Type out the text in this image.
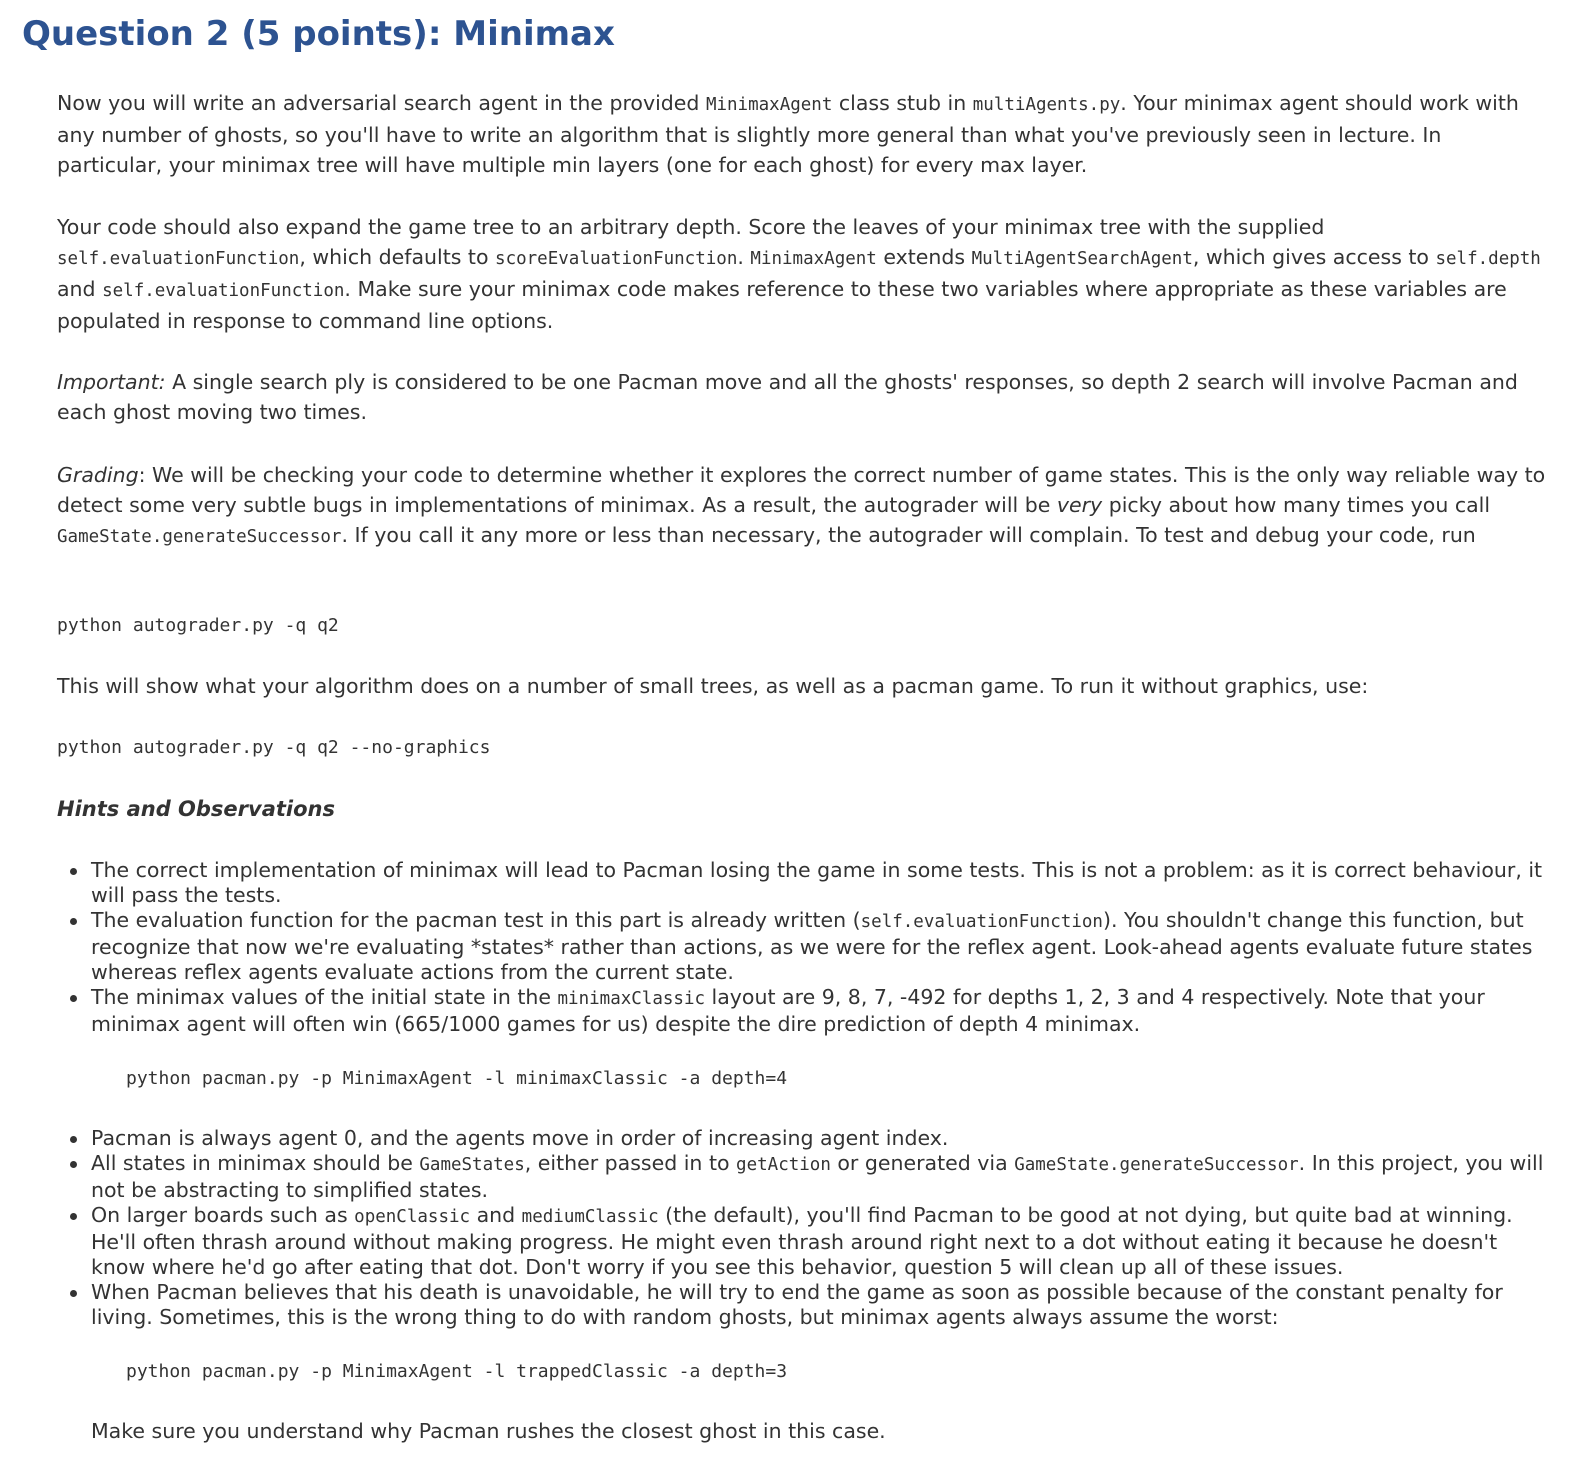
Question 2 (5 points): Minimax

Now you will write an adversarial search agent in the provided MinimaxAgent class stub in multiAgents.py. Your minimax agent should work with any number of ghosts, so you'll have to write an algorithm that is slightly more general than what you've previously seen in lecture. In particular, your minimax tree will have multiple min layers (one for each ghost) for every max layer.

Your code should also expand the game tree to an arbitrary depth. Score the leaves of your minimax tree with the supplied self.evaluationFunction, which defaults to scoreEvaluationFunction. MinimaxAgent extends MultiAgentSearchAgent, which gives access to self.depth and self.evaluationFunction. Make sure your minimax code makes reference to these two variables where appropriate as these variables are populated in response to command line options.

Important: A single search ply is considered to be one Pacman move and all the ghosts' responses, so depth 2 search will involve Pacman and each ghost moving two times.

Grading: We will be checking your code to determine whether it explores the correct number of game states. This is the only way reliable way to detect some very subtle bugs in implementations of minimax. As a result, the autograder will be very picky about how many times you call GameState.generateSuccessor. If you call it any more or less than necessary, the autograder will complain. To test and debug your code, run

python autograder.py -q q2

This will show what your algorithm does on a number of small trees, as well as a pacman game. To run it without graphics, use:

python autograder.py -q q2 --no-graphics
Hints and Observations
The correct implementation of minimax will lead to Pacman losing the game in some tests. This is not a problem: as it is correct behaviour, it will pass the tests.
The evaluation function for the pacman test in this part is already written (self.evaluationFunction). You shouldn't change this function, but recognize that now we're evaluating *states* rather than actions, as we were for the reflex agent. Look-ahead agents evaluate future states whereas reflex agents evaluate actions from the current state.
The minimax values of the initial state in the minimaxClassic layout are 9, 8, 7, -492 for depths 1, 2, 3 and 4 respectively. Note that your minimax agent will often win (665/1000 games for us) despite the dire prediction of depth 4 minimax.
python pacman.py -p MinimaxAgent -l minimaxClassic -a depth=4
Pacman is always agent 0, and the agents move in order of increasing agent index.
All states in minimax should be GameStates, either passed in to getAction or generated via GameState.generateSuccessor. In this project, you will not be abstracting to simplified states.
On larger boards such as openClassic and mediumClassic (the default), you'll find Pacman to be good at not dying, but quite bad at winning. He'll often thrash around without making progress. He might even thrash around right next to a dot without eating it because he doesn't know where he'd go after eating that dot. Don't worry if you see this behavior, question 5 will clean up all of these issues.
When Pacman believes that his death is unavoidable, he will try to end the game as soon as possible because of the constant penalty for living. Sometimes, this is the wrong thing to do with random ghosts, but minimax agents always assume the worst:
python pacman.py -p MinimaxAgent -l trappedClassic -a depth=3
Make sure you understand why Pacman rushes the closest ghost in this case.
